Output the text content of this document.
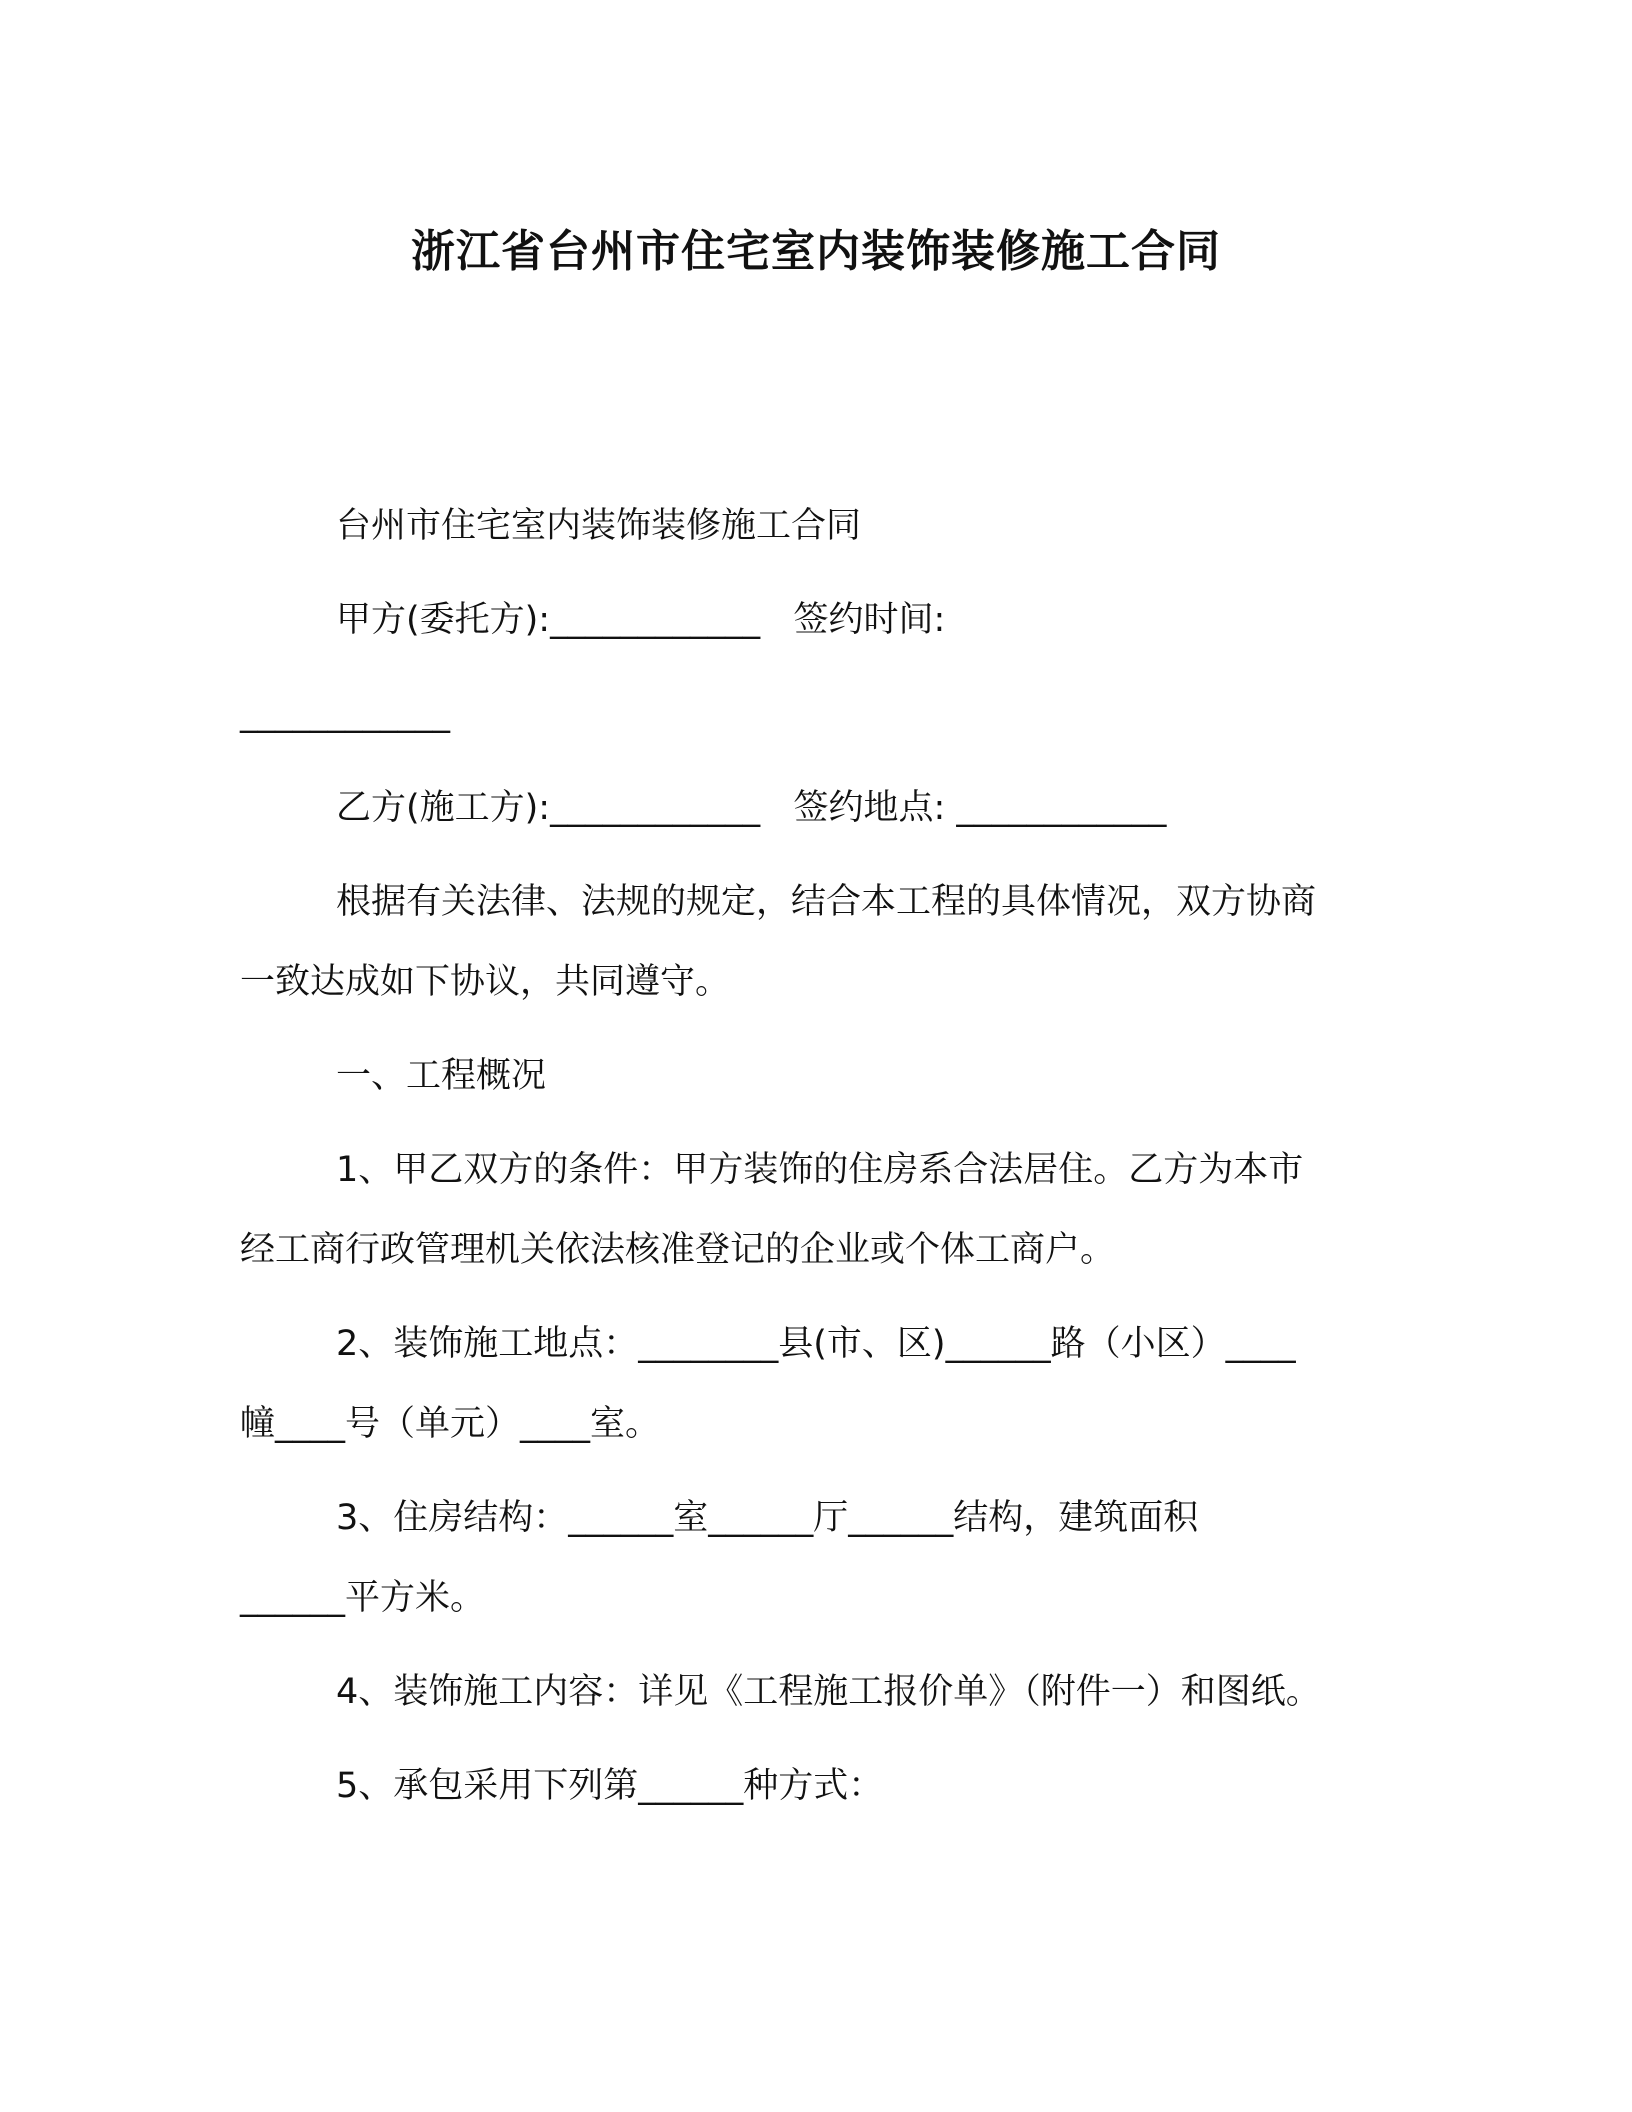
浙江省台州市住宅室内装饰装修施工合同
台州市住宅室内装饰装修施工合同
甲方(委托方):____________   签约时间:
____________
乙方(施工方):____________   签约地点: ____________
根据有关法律、法规的规定，结合本工程的具体情况，双方协商
一致达成如下协议，共同遵守。
一、工程概况
1、甲乙双方的条件：甲方装饰的住房系合法居住。乙方为本市
经工商行政管理机关依法核准登记的企业或个体工商户。
2、装饰施工地点：________县(市、区)______路（小区）____
幢____号（单元）____室。
3、住房结构：______室______厅______结构，建筑面积
______平方米。
4、装饰施工内容：详见《工程施工报价单》（附件一）和图纸。
5、承包采用下列第______种方式：
